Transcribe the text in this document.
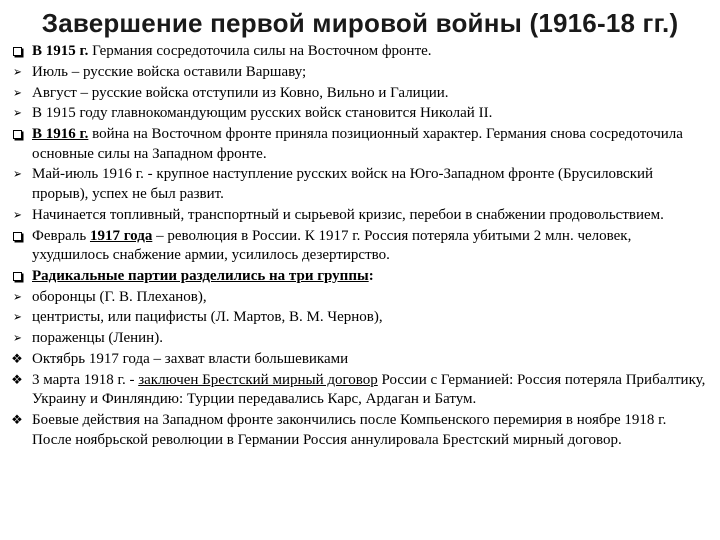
Завершение первой мировой войны (1916-18 гг.)
В 1915 г. Германия сосредоточила силы на Восточном фронте.
➢ Июль – русские войска оставили Варшаву;
➢ Август – русские войска отступили из Ковно, Вильно и Галиции.
➢ В 1915 году главнокомандующим русских войск становится Николай II.
В 1916 г. война на Восточном фронте приняла позиционный характер. Германия снова сосредоточила основные силы на Западном фронте.
➢ Май-июль 1916 г. - крупное наступление русских войск на Юго-Западном фронте (Брусиловский прорыв), успех не был развит.
➢ Начинается топливный, транспортный и сырьевой кризис, перебои в снабжении продовольствием.
Февраль 1917 года – революция в России. К 1917 г. Россия потеряла убитыми 2 млн. человек, ухудшилось снабжение армии, усилилось дезертирство.
Радикальные партии разделились на три группы:
➢ оборонцы (Г. В. Плеханов),
➢ центристы, или пацифисты (Л. Мартов, В. М. Чернов),
➢ пораженцы (Ленин).
❖ Октябрь 1917 года – захват власти большевиками
❖ 3 марта 1918 г. - заключен Брестский мирный договор России с Германией: Россия потеряла Прибалтику, Украину и Финляндию: Турции передавались Карс, Ардаган и Батум.
❖ Боевые действия на Западном фронте закончились после Компьенского перемирия в ноябре 1918 г. После ноябрьской революции в Германии Россия аннулировала Брестский мирный договор.
